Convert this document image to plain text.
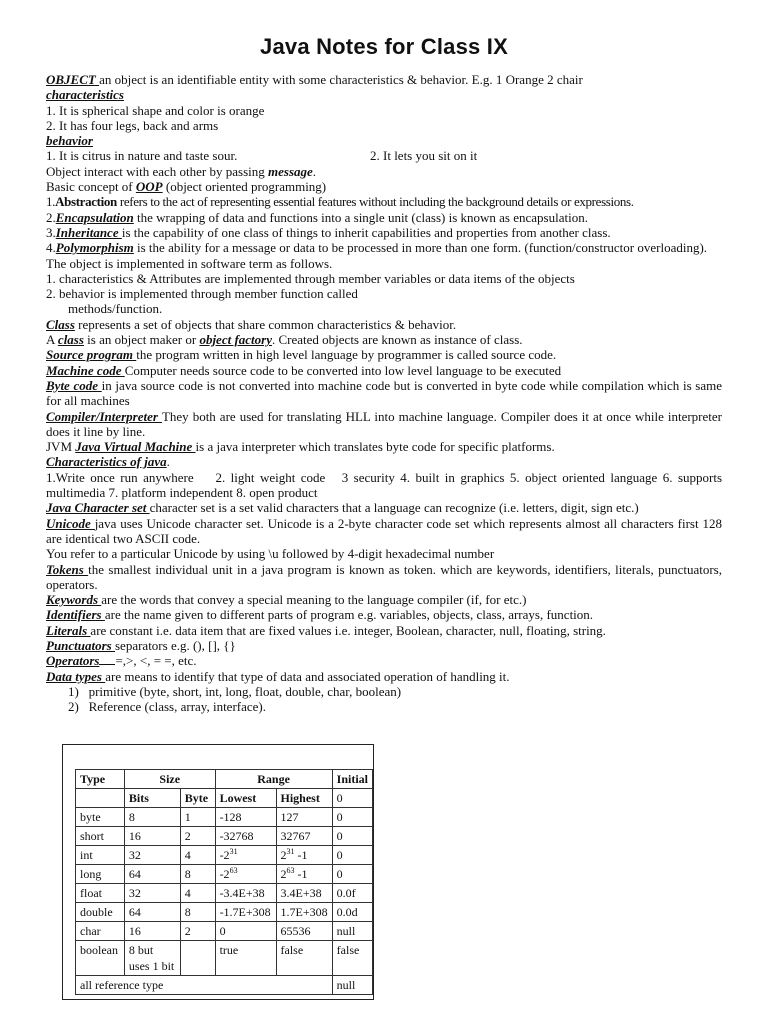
Java Notes for Class IX
OBJECT an object is an identifiable entity with some characteristics & behavior. E.g. 1 Orange 2 chair
characteristics
1. It is spherical shape and color is orange
2. It has four legs, back and arms
behavior
1. It is citrus in nature and taste sour.	2. It lets you sit on it
Object interact with each other by passing message.
Basic concept of OOP (object oriented programming)
1.Abstraction refers to the act of representing essential features without including the background details or expressions.
2.Encapsulation the wrapping of data and functions into a single unit (class) is known as encapsulation.
3.Inheritance is the capability of one class of things to inherit capabilities and properties from another class.
4.Polymorphism is the ability for a message or data to be processed in more than one form. (function/constructor overloading).
The object is implemented in software term as follows.
1. characteristics & Attributes are implemented through member variables or data items of the objects
2. behavior is implemented through member function called
methods/function.
Class represents a set of objects that share common characteristics & behavior.
A class is an object maker or object factory. Created objects are known as instance of class.
Source program the program written in high level language by programmer is called source code.
Machine code Computer needs source code to be converted into low level language to be executed
Byte code in java source code is not converted into machine code but is converted in byte code while compilation which is same for all machines
Compiler/Interpreter They both are used for translating HLL into machine language. Compiler does it at once while interpreter does it line by line.
JVM Java Virtual Machine is a java interpreter which translates byte code for specific platforms.
Characteristics of java.
1.Write once run anywhere    2. light weight code   3 security 4. built in graphics 5. object oriented language 6. supports multimedia 7. platform independent 8. open product
Java Character set character set is a set valid characters that a language can recognize (i.e. letters, digit, sign etc.)
Unicode java uses Unicode character set. Unicode is a 2-byte character code set which represents almost all characters first 128 are identical two ASCII code.
You refer to a particular Unicode by using \u followed by 4-digit hexadecimal number
Tokens the smallest individual unit in a java program is known as token. which are keywords, identifiers, literals, punctuators, operators.
Keywords are the words that convey a special meaning to the language compiler (if, for etc.)
Identifiers are the name given to different parts of program e.g. variables, objects, class, arrays, function.
Literals are constant i.e. data item that are fixed values i.e. integer, Boolean, character, null, floating, string.
Punctuators separators e.g. (), [], {}
Operators =,>, <, = =, etc.
Data types are means to identify that type of data and associated operation of handling it.
1)   primitive (byte, short, int, long, float, double, char, boolean)
2)   Reference (class, array, interface).
Type	Size		Range		Initial
	Bits	Byte	Lowest	Highest	0
byte	8	1	-128	127	0
short	16	2	-32768	32767	0
int	32	4	$-2^{31}$	$2^{31}$ -1	0
long	64	8	$-2^{63}$	$2^{63}$ -1	0
float	32	4	-3.4E+38	3.4E+38	0.0f
double	64	8	-1.7E+308	1.7E+308	0.0d
char	16	2	0	65536	null
boolean	8 but uses 1 bit		true	false	false
all reference type					null
